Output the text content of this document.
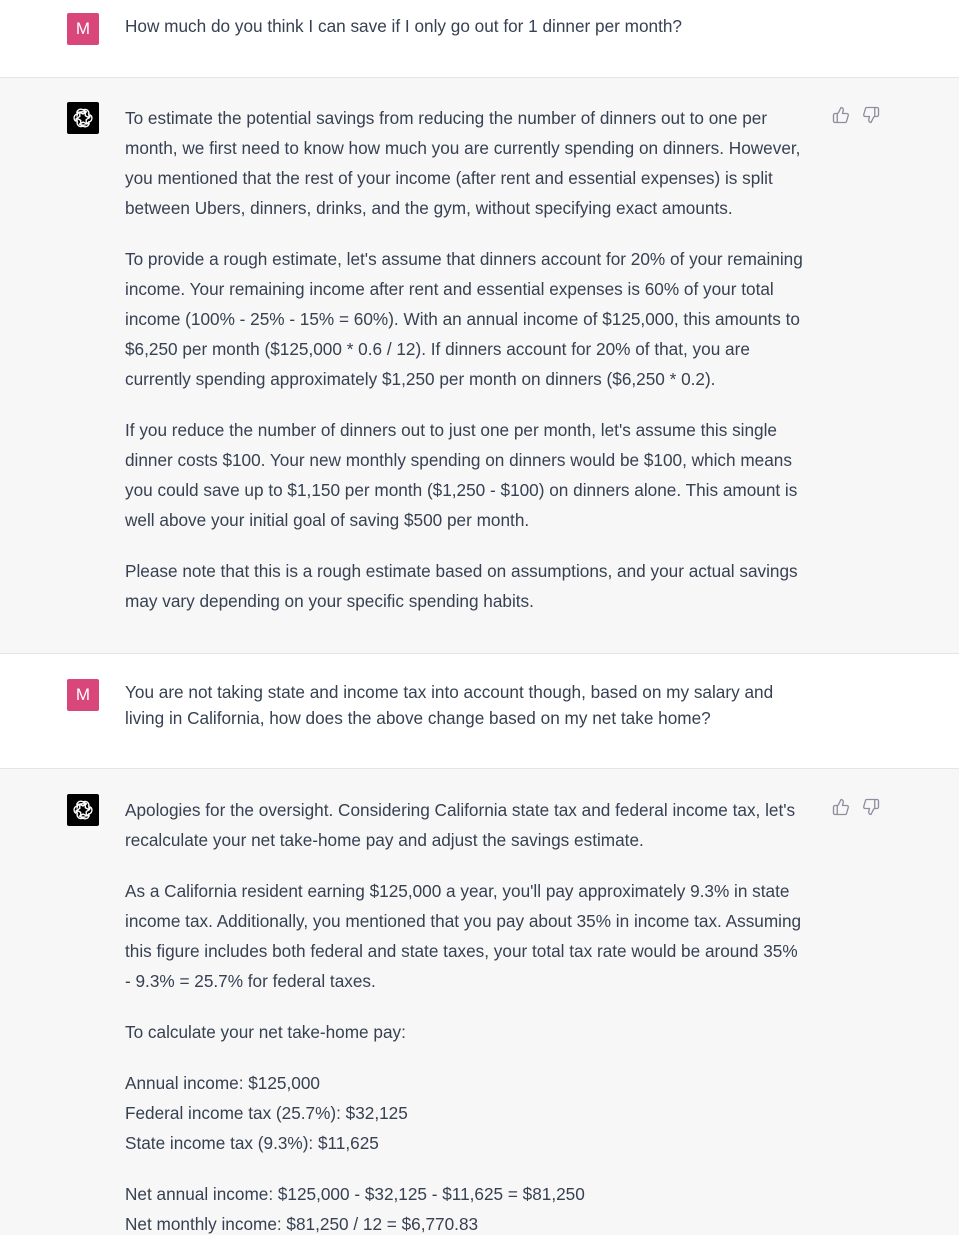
M How much do you think I can save if I only go out for 1 dinner per month?

To estimate the potential savings from reducing the number of dinners out to one per
month, we first need to know how much you are currently spending on dinners. However,
you mentioned that the rest of your income (after rent and essential expenses) is split
between Ubers, dinners, drinks, and the gym, without specifying exact amounts.

To provide a rough estimate, let's assume that dinners account for 20% of your remaining
income. Your remaining income after rent and essential expenses is 60% of your total
income (100% - 25% - 15% = 60%). With an annual income of $125,000, this amounts to
$6,250 per month ($125,000 * 0.6 / 12). If dinners account for 20% of that, you are
currently spending approximately $1,250 per month on dinners ($6,250 * 0.2).

If you reduce the number of dinners out to just one per month, let's assume this single
dinner costs $100. Your new monthly spending on dinners would be $100, which means
you could save up to $1,150 per month ($1,250 - $100) on dinners alone. This amount is
well above your initial goal of saving $500 per month.

Please note that this is a rough estimate based on assumptions, and your actual savings
may vary depending on your specific spending habits.

M You are not taking state and income tax into account though, based on my salary and
living in California, how does the above change based on my net take home?

Apologies for the oversight. Considering California state tax and federal income tax, let's
recalculate your net take-home pay and adjust the savings estimate.

As a California resident earning $125,000 a year, you'll pay approximately 9.3% in state
income tax. Additionally, you mentioned that you pay about 35% in income tax. Assuming
this figure includes both federal and state taxes, your total tax rate would be around 35%
- 9.3% = 25.7% for federal taxes.

To calculate your net take-home pay:

Annual income: $125,000
Federal income tax (25.7%): $32,125
State income tax (9.3%): $11,625

Net annual income: $125,000 - $32,125 - $11,625 = $81,250
Net monthly income: $81,250 / 12 = $6,770.83
